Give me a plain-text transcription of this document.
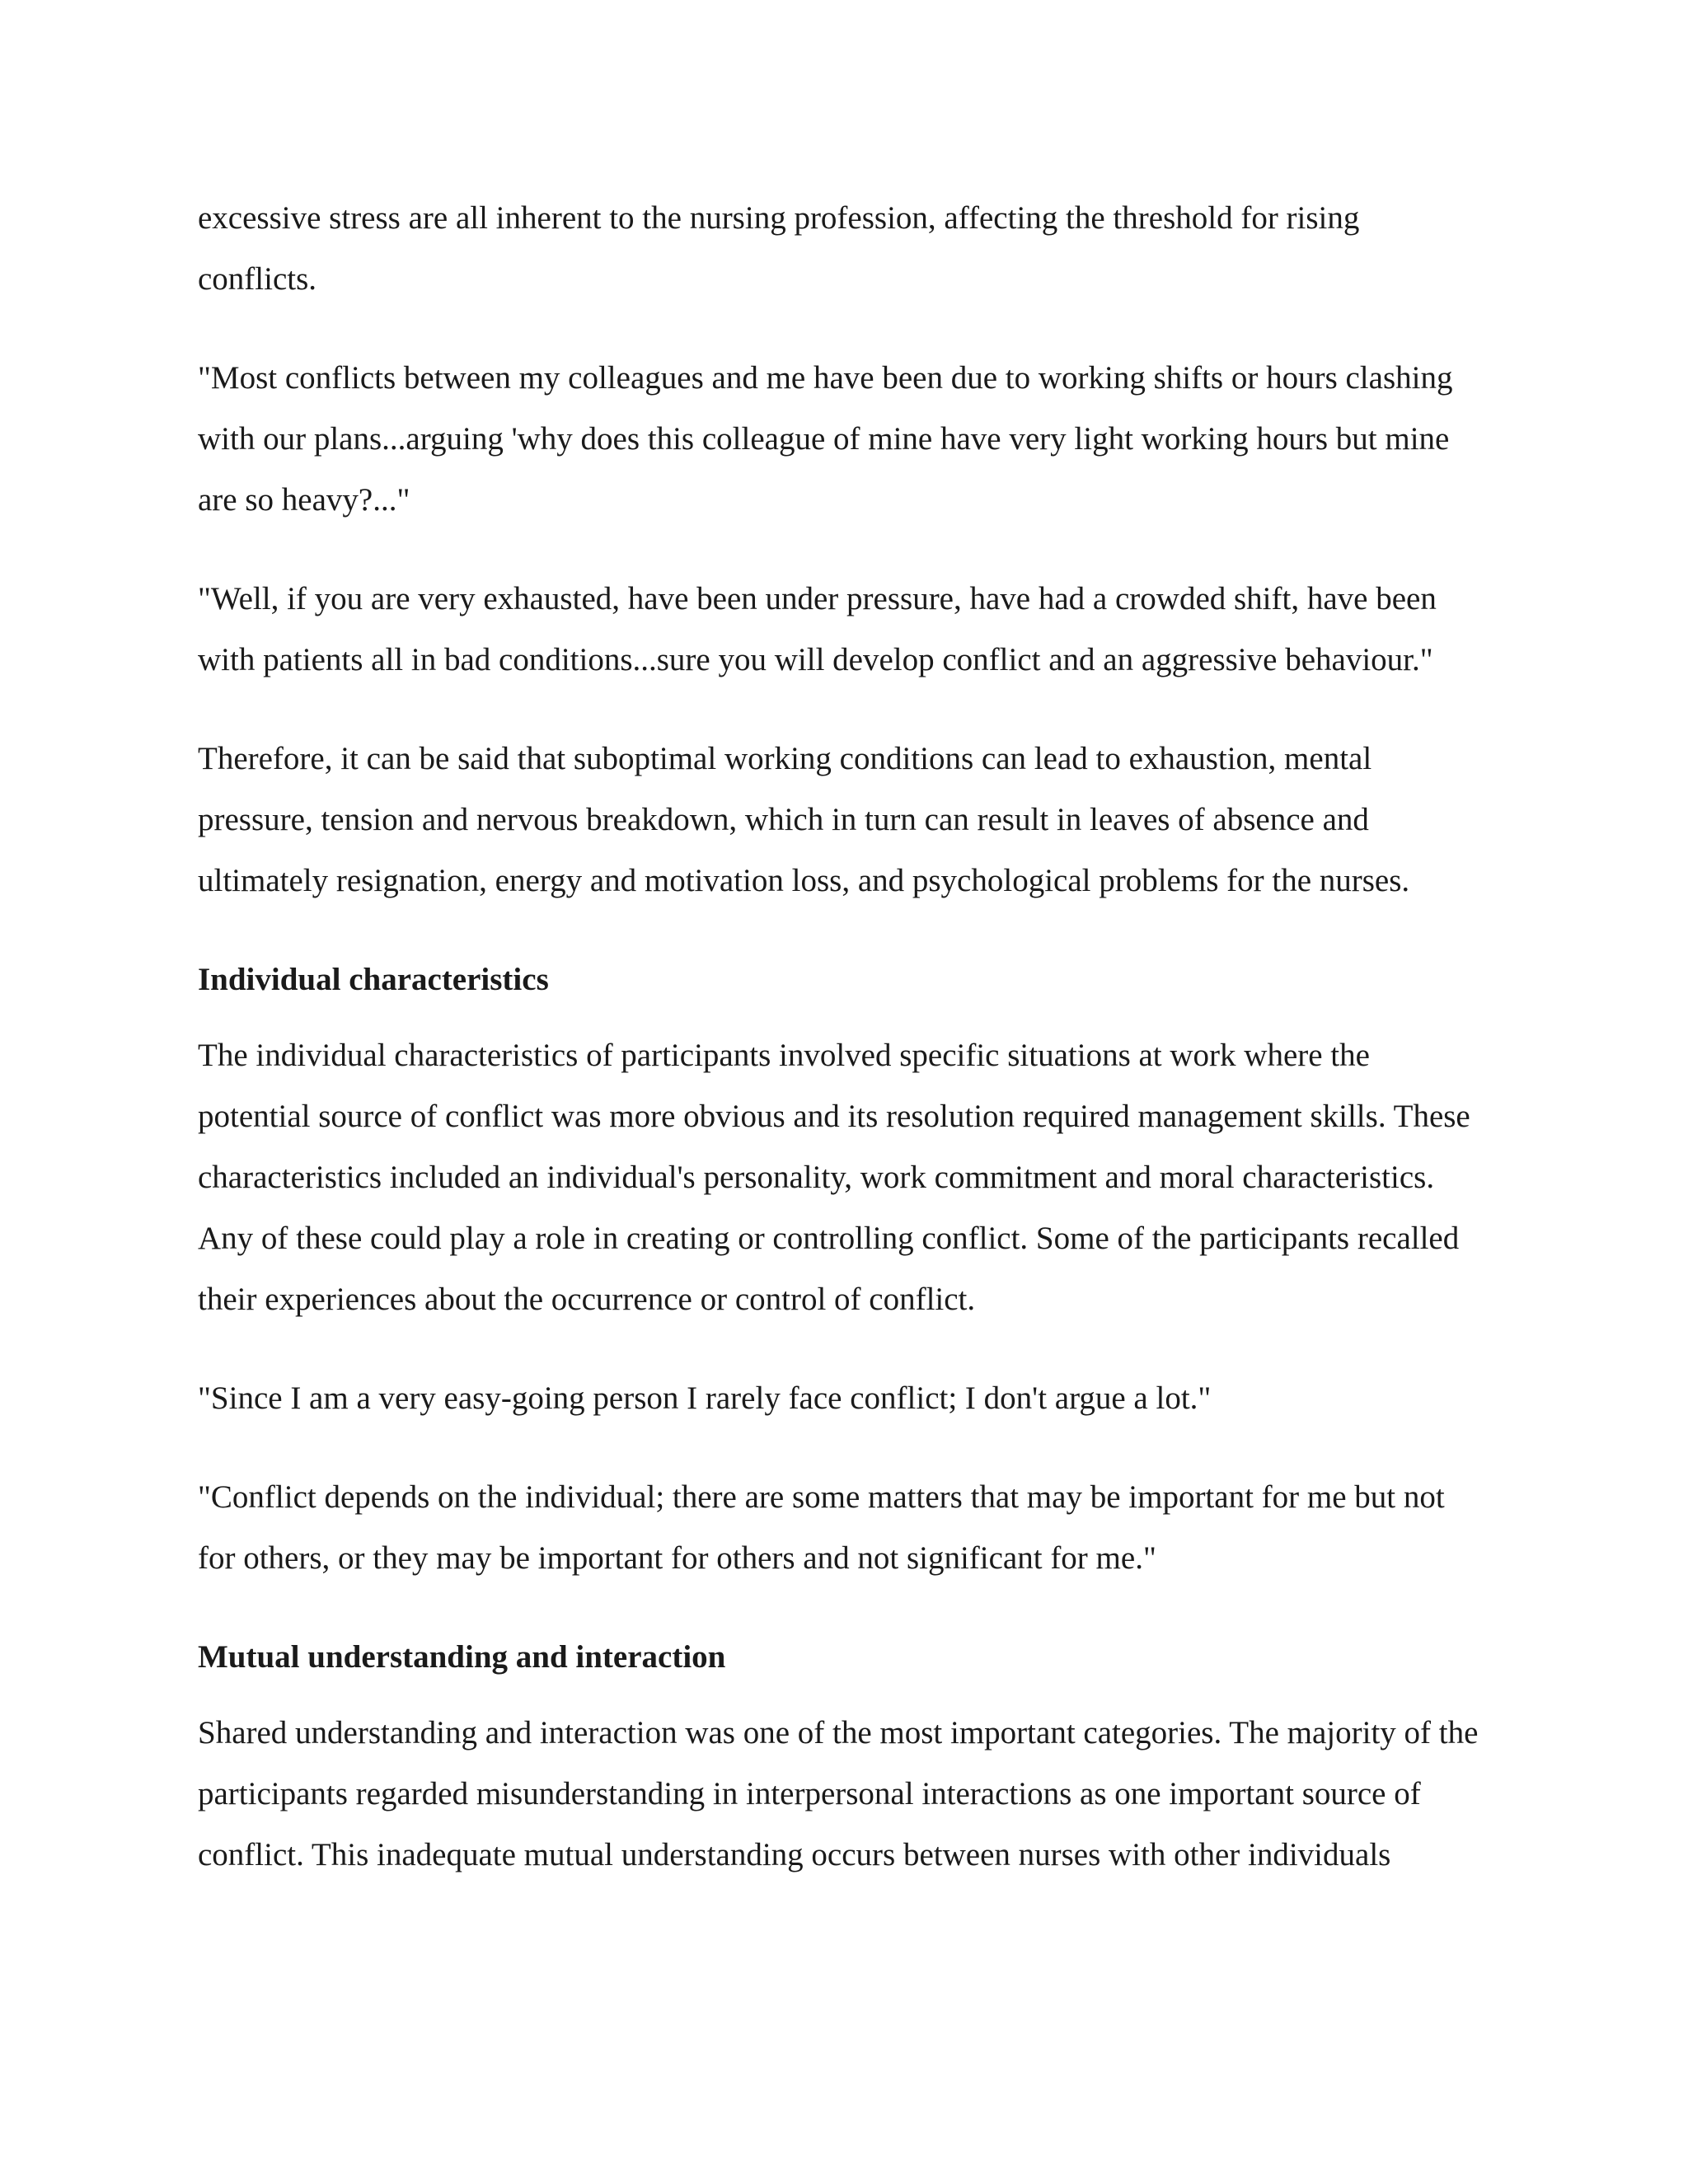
excessive stress are all inherent to the nursing profession, affecting the threshold for rising conflicts.

"Most conflicts between my colleagues and me have been due to working shifts or hours clashing with our plans...arguing 'why does this colleague of mine have very light working hours but mine are so heavy?..."

"Well, if you are very exhausted, have been under pressure, have had a crowded shift, have been with patients all in bad conditions...sure you will develop conflict and an aggressive behaviour."

Therefore, it can be said that suboptimal working conditions can lead to exhaustion, mental pressure, tension and nervous breakdown, which in turn can result in leaves of absence and ultimately resignation, energy and motivation loss, and psychological problems for the nurses.

Individual characteristics

The individual characteristics of participants involved specific situations at work where the potential source of conflict was more obvious and its resolution required management skills. These characteristics included an individual's personality, work commitment and moral characteristics. Any of these could play a role in creating or controlling conflict. Some of the participants recalled their experiences about the occurrence or control of conflict.

"Since I am a very easy-going person I rarely face conflict; I don't argue a lot."

"Conflict depends on the individual; there are some matters that may be important for me but not for others, or they may be important for others and not significant for me."

Mutual understanding and interaction

Shared understanding and interaction was one of the most important categories. The majority of the participants regarded misunderstanding in interpersonal interactions as one important source of conflict. This inadequate mutual understanding occurs between nurses with other individuals
